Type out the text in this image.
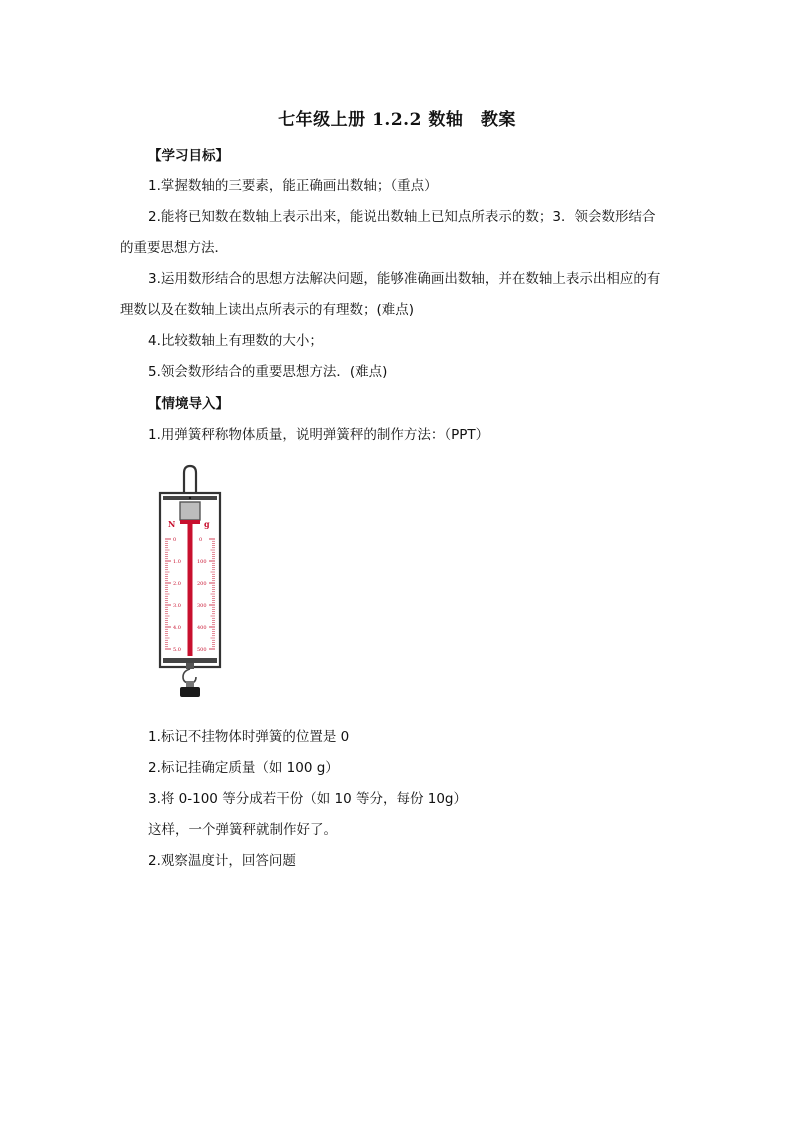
七年级上册 1.2.2 数轴　教案
【学习目标】
1.掌握数轴的三要素，能正确画出数轴；（重点）
2.能将已知数在数轴上表示出来，能说出数轴上已知点所表示的数；3．领会数形结合
的重要思想方法．
3.运用数形结合的思想方法解决问题，能够准确画出数轴，并在数轴上表示出相应的有
理数以及在数轴上读出点所表示的有理数；(难点)
4.比较数轴上有理数的大小；
5.领会数形结合的重要思想方法．(难点)
【情境导入】
1.用弹簧秤称物体质量，说明弹簧秤的制作方法：（PPT）
N	g
0
1.0
2.0
3.0
4.0
5.0
0
100
200
300
400
500
1.标记不挂物体时弹簧的位置是 0
2.标记挂确定质量（如 100 g）
3.将 0-100 等分成若干份（如 10 等分，每份 10g）
这样，一个弹簧秤就制作好了。
2.观察温度计，回答问题
